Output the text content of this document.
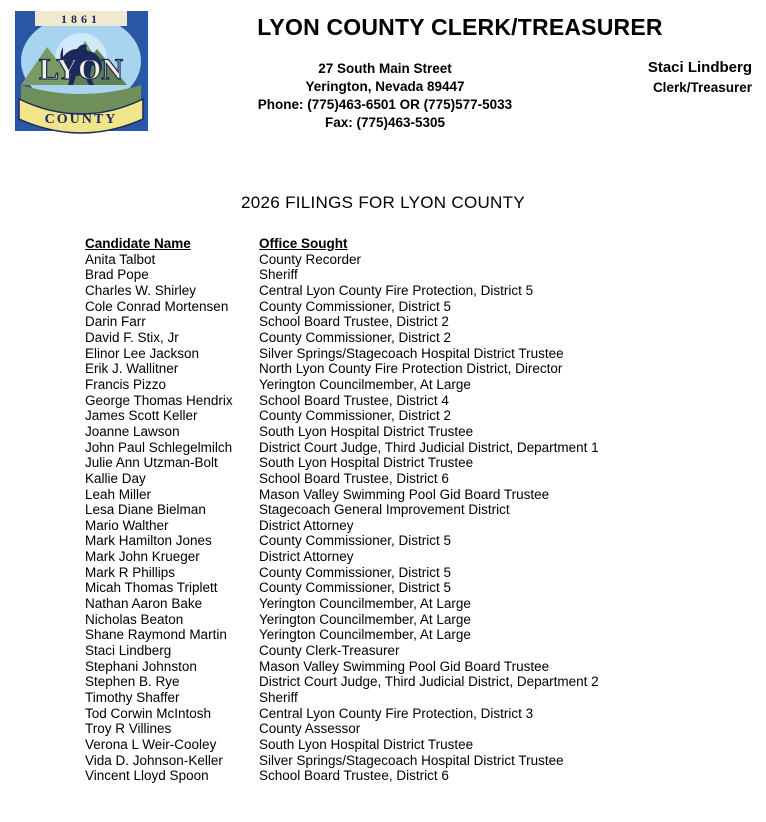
1861
LYON
COUNTY
LYON COUNTY CLERK/TREASURER
27 South Main Street
Yerington, Nevada 89447
Phone: (775)463-6501 OR (775)577-5033
Fax: (775)463-5305
Staci Lindberg
Clerk/Treasurer
2026 FILINGS FOR LYON COUNTY
Candidate Name	Office Sought
Anita Talbot	County Recorder
Brad Pope	Sheriff
Charles W. Shirley	Central Lyon County Fire Protection, District 5
Cole Conrad Mortensen	County Commissioner, District 5
Darin Farr	School Board Trustee, District 2
David F. Stix, Jr	County Commissioner, District 2
Elinor Lee Jackson	Silver Springs/Stagecoach Hospital District Trustee
Erik J. Wallitner	North Lyon County Fire Protection District, Director
Francis Pizzo	Yerington Councilmember, At Large
George Thomas Hendrix	School Board Trustee, District 4
James Scott Keller	County Commissioner, District 2
Joanne Lawson	South Lyon Hospital District Trustee
John Paul Schlegelmilch	District Court Judge, Third Judicial District, Department 1
Julie Ann Utzman-Bolt	South Lyon Hospital District Trustee
Kallie Day	School Board Trustee, District 6
Leah Miller	Mason Valley Swimming Pool Gid Board Trustee
Lesa Diane Bielman	Stagecoach General Improvement District
Mario Walther	District Attorney
Mark Hamilton Jones	County Commissioner, District 5
Mark John Krueger	District Attorney
Mark R Phillips	County Commissioner, District 5
Micah Thomas Triplett	County Commissioner, District 5
Nathan Aaron Bake	Yerington Councilmember, At Large
Nicholas Beaton	Yerington Councilmember, At Large
Shane Raymond Martin	Yerington Councilmember, At Large
Staci Lindberg	County Clerk-Treasurer
Stephani Johnston	Mason Valley Swimming Pool Gid Board Trustee
Stephen B. Rye	District Court Judge, Third Judicial District, Department 2
Timothy Shaffer	Sheriff
Tod Corwin McIntosh	Central Lyon County Fire Protection, District 3
Troy R Villines	County Assessor
Verona L Weir-Cooley	South Lyon Hospital District Trustee
Vida D. Johnson-Keller	Silver Springs/Stagecoach Hospital District Trustee
Vincent Lloyd Spoon	School Board Trustee, District 6
